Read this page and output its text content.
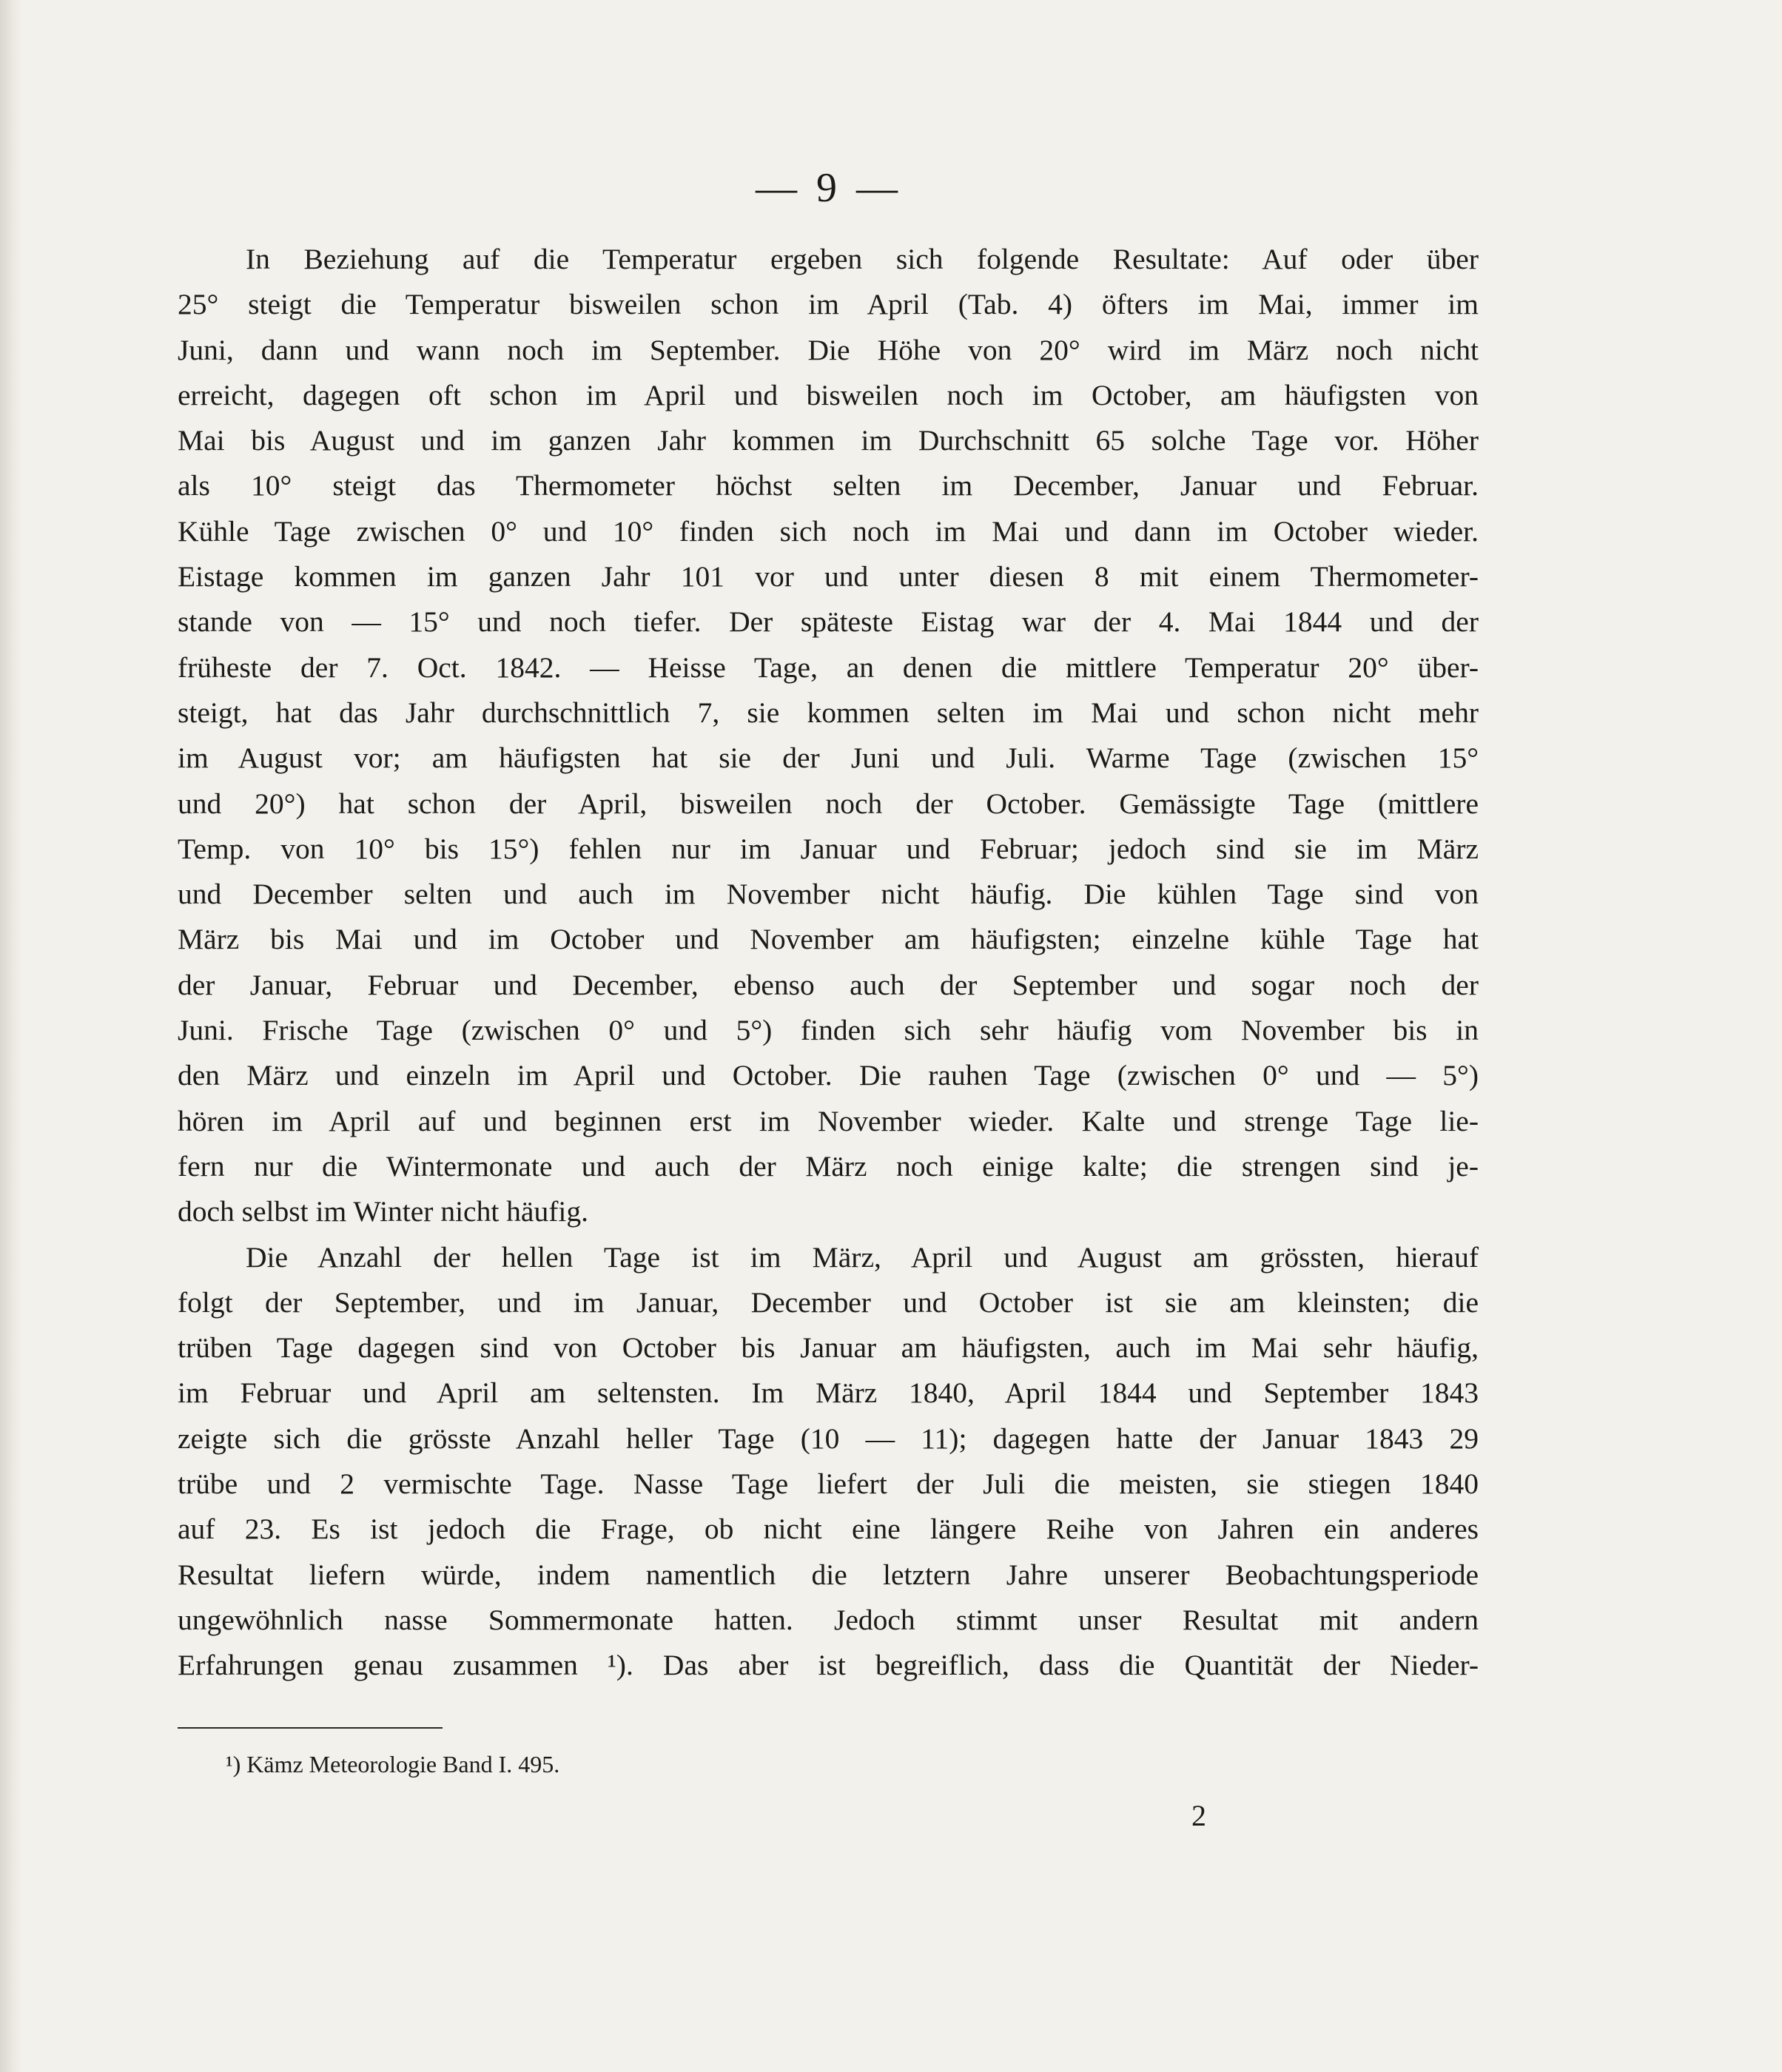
— 9 —
In Beziehung auf die Temperatur ergeben sich folgende Resultate: Auf oder über
25° steigt die Temperatur bisweilen schon im April (Tab. 4) öfters im Mai, immer im
Juni, dann und wann noch im September. Die Höhe von 20° wird im März noch nicht
erreicht, dagegen oft schon im April und bisweilen noch im October, am häufigsten von
Mai bis August und im ganzen Jahr kommen im Durchschnitt 65 solche Tage vor. Höher
als 10° steigt das Thermometer höchst selten im December, Januar und Februar.
Kühle Tage zwischen 0° und 10° finden sich noch im Mai und dann im October wieder.
Eistage kommen im ganzen Jahr 101 vor und unter diesen 8 mit einem Thermometer-
stande von — 15° und noch tiefer. Der späteste Eistag war der 4. Mai 1844 und der
früheste der 7. Oct. 1842. — Heisse Tage, an denen die mittlere Temperatur 20° über-
steigt, hat das Jahr durchschnittlich 7, sie kommen selten im Mai und schon nicht mehr
im August vor; am häufigsten hat sie der Juni und Juli. Warme Tage (zwischen 15°
und 20°) hat schon der April, bisweilen noch der October. Gemässigte Tage (mittlere
Temp. von 10° bis 15°) fehlen nur im Januar und Februar; jedoch sind sie im März
und December selten und auch im November nicht häufig. Die kühlen Tage sind von
März bis Mai und im October und November am häufigsten; einzelne kühle Tage hat
der Januar, Februar und December, ebenso auch der September und sogar noch der
Juni. Frische Tage (zwischen 0° und 5°) finden sich sehr häufig vom November bis in
den März und einzeln im April und October. Die rauhen Tage (zwischen 0° und — 5°)
hören im April auf und beginnen erst im November wieder. Kalte und strenge Tage lie-
fern nur die Wintermonate und auch der März noch einige kalte; die strengen sind je-
doch selbst im Winter nicht häufig.
Die Anzahl der hellen Tage ist im März, April und August am grössten, hierauf
folgt der September, und im Januar, December und October ist sie am kleinsten; die
trüben Tage dagegen sind von October bis Januar am häufigsten, auch im Mai sehr häufig,
im Februar und April am seltensten. Im März 1840, April 1844 und September 1843
zeigte sich die grösste Anzahl heller Tage (10 — 11); dagegen hatte der Januar 1843 29
trübe und 2 vermischte Tage. Nasse Tage liefert der Juli die meisten, sie stiegen 1840
auf 23. Es ist jedoch die Frage, ob nicht eine längere Reihe von Jahren ein anderes
Resultat liefern würde, indem namentlich die letztern Jahre unserer Beobachtungsperiode
ungewöhnlich nasse Sommermonate hatten. Jedoch stimmt unser Resultat mit andern
Erfahrungen genau zusammen ¹). Das aber ist begreiflich, dass die Quantität der Nieder-
¹) Kämz Meteorologie Band I. 495.
2
